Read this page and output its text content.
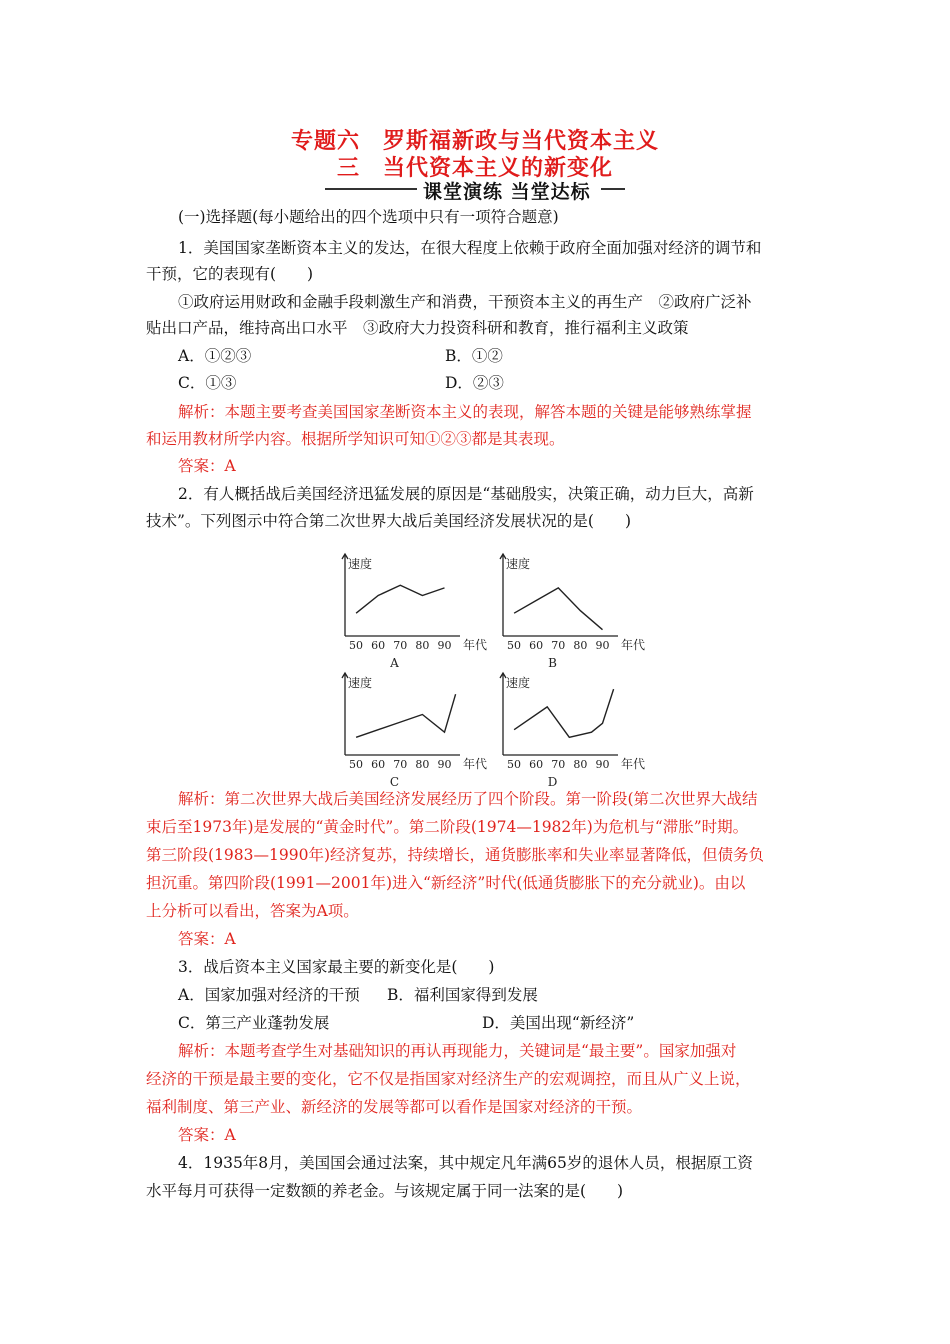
专题六　罗斯福新政与当代资本主义
三　当代资本主义的新变化
课堂演练 当堂达标
(一)选择题(每小题给出的四个选项中只有一项符合题意)
1．美国国家垄断资本主义的发达，在很大程度上依赖于政府全面加强对经济的调节和
干预，它的表现有(　　)
①政府运用财政和金融手段刺激生产和消费，干预资本主义的再生产　②政府广泛补
贴出口产品，维持高出口水平　③政府大力投资科研和教育，推行福利主义政策
A．①②③	B．①②
C．①③	D．②③
解析：本题主要考查美国国家垄断资本主义的表现，解答本题的关键是能够熟练掌握
和运用教材所学内容。根据所学知识可知①②③都是其表现。
答案：A
2．有人概括战后美国经济迅猛发展的原因是“基础殷实，决策正确，动力巨大，高新
技术”。下列图示中符合第二次世界大战后美国经济发展状况的是(　　)
速度
50 60 70 80 90 年代
A
速度
50 60 70 80 90 年代
B
速度
50 60 70 80 90 年代
C
速度
50 60 70 80 90 年代
D
解析：第二次世界大战后美国经济发展经历了四个阶段。第一阶段(第二次世界大战结
束后至1973年)是发展的“黄金时代”。第二阶段(1974—1982年)为危机与“滞胀”时期。
第三阶段(1983—1990年)经济复苏，持续增长，通货膨胀率和失业率显著降低，但债务负
担沉重。第四阶段(1991—2001年)进入“新经济”时代(低通货膨胀下的充分就业)。由以
上分析可以看出，答案为A项。
答案：A
3．战后资本主义国家最主要的新变化是(　　)
A．国家加强对经济的干预 B．福利国家得到发展
C．第三产业蓬勃发展	D．美国出现“新经济”
解析：本题考查学生对基础知识的再认再现能力，关键词是“最主要”。国家加强对
经济的干预是最主要的变化，它不仅是指国家对经济生产的宏观调控，而且从广义上说，
福利制度、第三产业、新经济的发展等都可以看作是国家对经济的干预。
答案：A
4．1935年8月，美国国会通过法案，其中规定凡年满65岁的退休人员，根据原工资
水平每月可获得一定数额的养老金。与该规定属于同一法案的是(　　)
